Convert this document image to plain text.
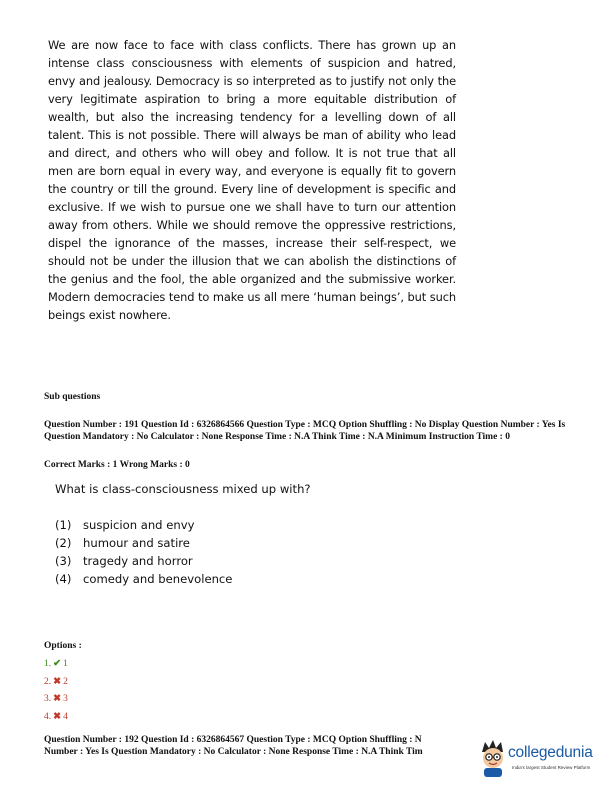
We are now face to face with class conflicts. There has grown up an intense class consciousness with elements of suspicion and hatred, envy and jealousy. Democracy is so interpreted as to justify not only the very legitimate aspiration to bring a more equitable distribution of wealth, but also the increasing tendency for a levelling down of all talent. This is not possible. There will always be man of ability who lead and direct, and others who will obey and follow. It is not true that all men are born equal in every way, and everyone is equally fit to govern the country or till the ground. Every line of development is specific and exclusive. If we wish to pursue one we shall have to turn our attention away from others. While we should remove the oppressive restrictions, dispel the ignorance of the masses, increase their self-respect, we should not be under the illusion that we can abolish the distinctions of the genius and the fool, the able organized and the submissive worker. Modern democracies tend to make us all mere ‘human beings’, but such beings exist nowhere.
Sub questions
Question Number : 191 Question Id : 6326864566 Question Type : MCQ Option Shuffling : No Display Question Number : Yes Is Question Mandatory : No Calculator : None Response Time : N.A Think Time : N.A Minimum Instruction Time : 0
Correct Marks : 1 Wrong Marks : 0
What is class-consciousness mixed up with?
(1) suspicion and envy
(2) humour and satire
(3) tragedy and horror
(4) comedy and benevolence
Options :
1. ✔ 1
2. ✖ 2
3. ✖ 3
4. ✖ 4
Question Number : 192 Question Id : 6326864567 Question Type : MCQ Option Shuffling : N
Number : Yes Is Question Mandatory : No Calculator : None Response Time : N.A Think Tim	collegedunia
India's largest Student Review Platform
